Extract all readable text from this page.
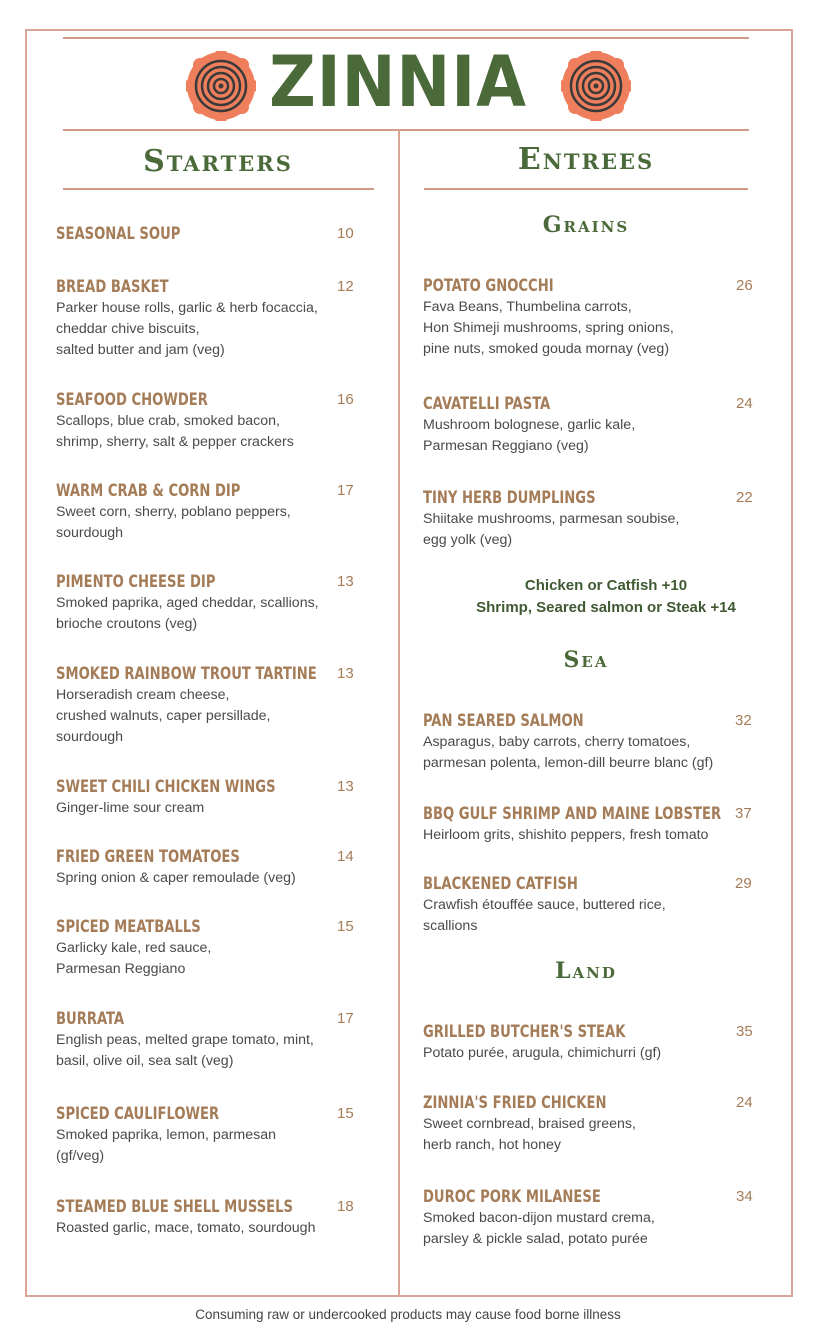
ZINNIA
Starters
SEASONAL SOUP	10
BREAD BASKET
Parker house rolls, garlic & herb focaccia,
cheddar chive biscuits,
salted butter and jam (veg)
12
SEAFOOD CHOWDER
Scallops, blue crab, smoked bacon,
shrimp, sherry, salt & pepper crackers
16
WARM CRAB & CORN DIP
Sweet corn, sherry, poblano peppers,
sourdough
17
PIMENTO CHEESE DIP
Smoked paprika, aged cheddar, scallions,
brioche croutons (veg)
13
SMOKED RAINBOW TROUT TARTINE
Horseradish cream cheese,
crushed walnuts, caper persillade,
sourdough
13
SWEET CHILI CHICKEN WINGS
Ginger-lime sour cream
13
FRIED GREEN TOMATOES
Spring onion & caper remoulade (veg)
14
SPICED MEATBALLS
Garlicky kale, red sauce,
Parmesan Reggiano
15
BURRATA
English peas, melted grape tomato, mint,
basil, olive oil, sea salt (veg)
17
SPICED CAULIFLOWER
Smoked paprika, lemon, parmesan
(gf/veg)
15
STEAMED BLUE SHELL MUSSELS
Roasted garlic, mace, tomato, sourdough
18
Entrees
Grains
Sea
Land
Chicken or Catfish +10
Shrimp, Seared salmon or Steak +14
POTATO GNOCCHI
Fava Beans, Thumbelina carrots,
Hon Shimeji mushrooms, spring onions,
pine nuts, smoked gouda mornay (veg)
26
CAVATELLI PASTA
Mushroom bolognese, garlic kale,
Parmesan Reggiano (veg)
24
TINY HERB DUMPLINGS
Shiitake mushrooms, parmesan soubise,
egg yolk (veg)
22
PAN SEARED SALMON
Asparagus, baby carrots, cherry tomatoes,
parmesan polenta, lemon-dill beurre blanc (gf)
32
BBQ GULF SHRIMP AND MAINE LOBSTER
Heirloom grits, shishito peppers, fresh tomato
37
BLACKENED CATFISH
Crawfish étouffée sauce, buttered rice,
scallions
29
GRILLED BUTCHER'S STEAK
Potato purée, arugula, chimichurri (gf)
35
ZINNIA'S FRIED CHICKEN
Sweet cornbread, braised greens,
herb ranch, hot honey
24
DUROC PORK MILANESE
Smoked bacon-dijon mustard crema,
parsley & pickle salad, potato purée
34
Consuming raw or undercooked products may cause food borne illness
